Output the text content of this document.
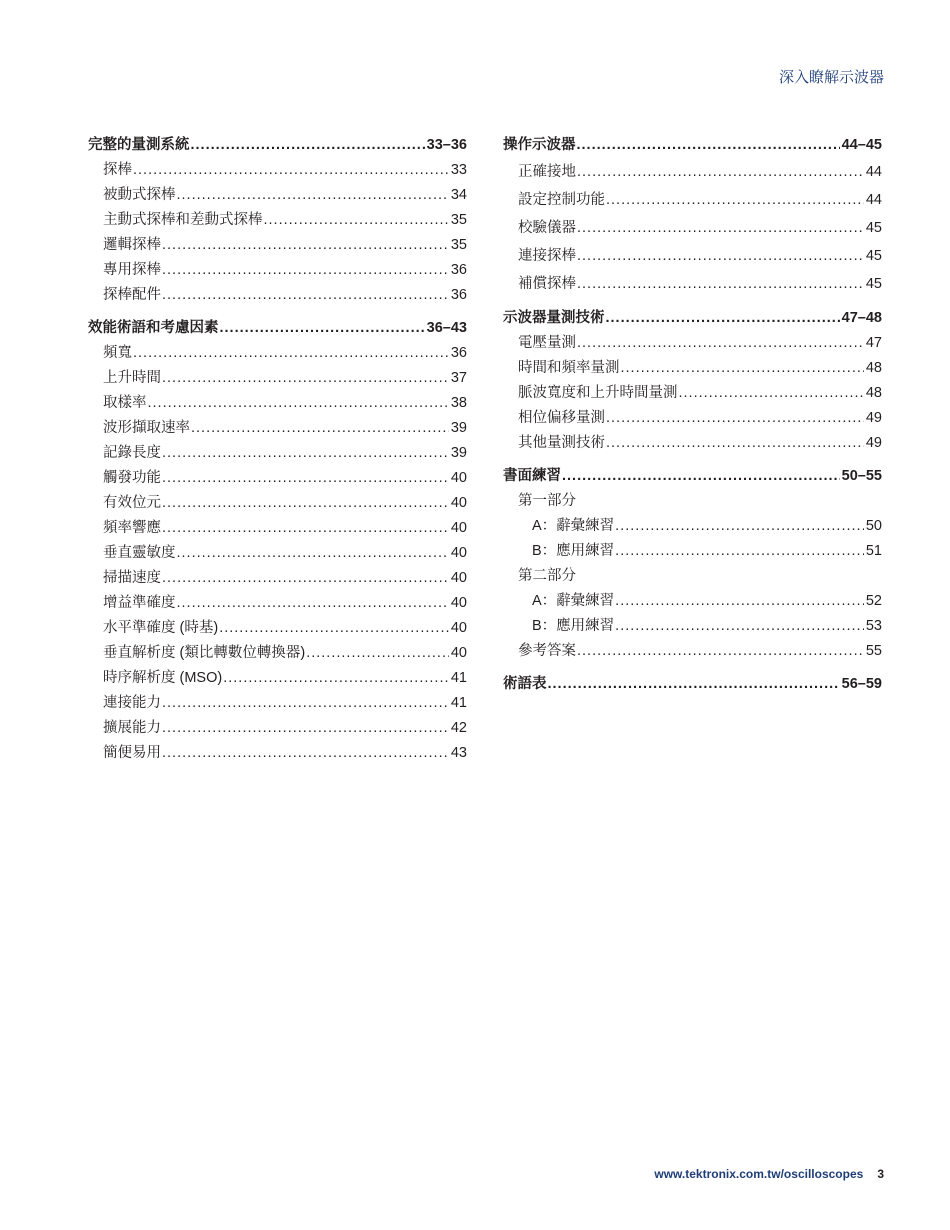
深入瞭解示波器
完整的量測系統 .....	33–36
探棒 .....	33
被動式探棒 .....	34
主動式探棒和差動式探棒 .....	35
邏輯探棒 .....	35
專用探棒 .....	36
探棒配件 .....	36
效能術語和考慮因素 .....	36–43
頻寬 .....	36
上升時間 .....	37
取樣率 .....	38
波形擷取速率 .....	39
記錄長度 .....	39
觸發功能 .....	40
有效位元 .....	40
頻率響應 .....	40
垂直靈敏度 .....	40
掃描速度 .....	40
增益準確度 .....	40
水平準確度 (時基) .....	40
垂直解析度 (類比轉數位轉換器) .....	40
時序解析度 (MSO) .....	41
連接能力 .....	41
擴展能力 .....	42
簡便易用 .....	43
操作示波器 .....	44–45
正確接地 .....	44
設定控制功能 .....	44
校驗儀器 .....	45
連接探棒 .....	45
補償探棒 .....	45
示波器量測技術 .....	47–48
電壓量測 .....	47
時間和頻率量測 .....	48
脈波寬度和上升時間量測 .....	48
相位偏移量測 .....	49
其他量測技術 .....	49
書面練習 .....	50–55
第一部分
A：辭彙練習 .....	50
B：應用練習 .....	51
第二部分
A：辭彙練習 .....	52
B：應用練習 .....	53
參考答案 .....	55
術語表 .....	56–59
www.tektronix.com.tw/oscilloscopes 3
